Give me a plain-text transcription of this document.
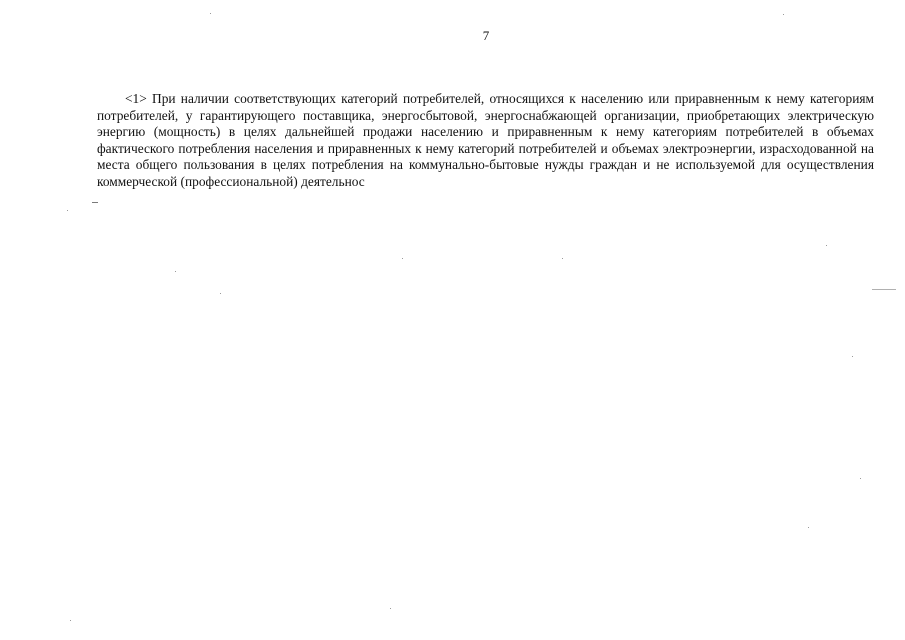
7

<1> При наличии соответствующих категорий потребителей, относящихся к населению или приравненным к нему категориям потребителей, у гарантирующего поставщика, энергосбытовой, энергоснабжающей организации, приобретающих электрическую энергию (мощность) в целях дальнейшей продажи населению и приравненным к нему категориям потребителей в объемах фактического потребления населения и приравненных к нему категорий потребителей и объемах электроэнергии, израсходованной на места общего пользования в целях потребления на коммунально-бытовые нужды граждан и не используемой для осуществления коммерческой (профессиональной) деятельнос
